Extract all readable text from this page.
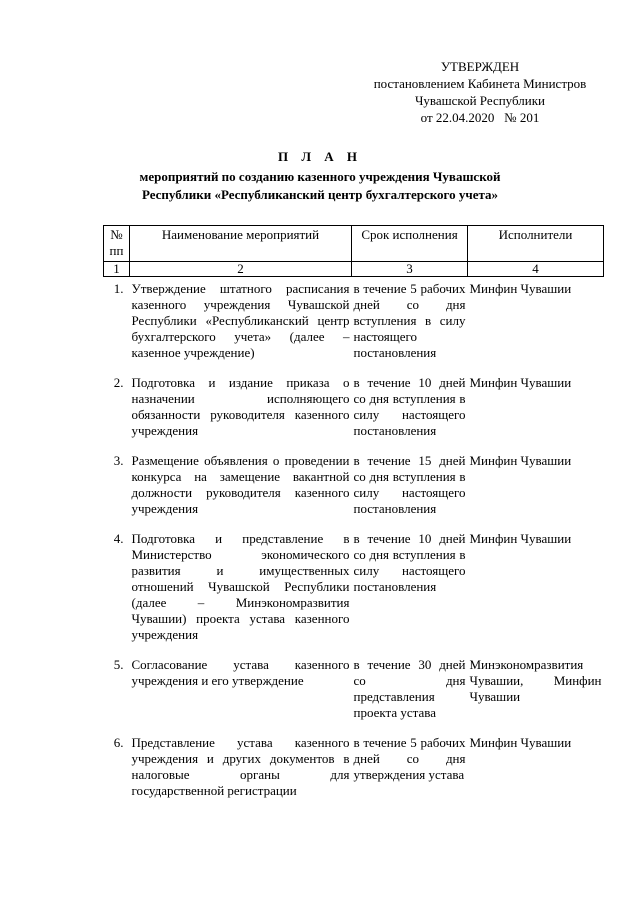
УТВЕРЖДЕН
постановлением Кабинета Министров
Чувашской Республики
от 22.04.2020   № 201
П Л А Н
мероприятий по созданию казенного учреждения Чувашской
Республики «Республиканский центр бухгалтерского учета»
№ пп	Наименование мероприятий	Срок исполнения	Исполнители
1	2	3	4
1.	Утверждение штатного расписания казенного учреждения Чувашской Республики «Республиканский центр бухгалтерского учета» (далее – казенное учреждение)	в течение 5 рабочих дней со дня вступления в силу настоящего постановления	Минфин Чувашии
2.	Подготовка и издание приказа о назначении исполняющего обязанности руководителя казенного учреждения	в течение 10 дней со дня вступления в силу настоящего постановления	Минфин Чувашии
3.	Размещение объявления о проведении конкурса на замещение вакантной должности руководителя казенного учреждения	в течение 15 дней со дня вступления в силу настоящего постановления	Минфин Чувашии
4.	Подготовка и представление в Министерство экономического развития и имущественных отношений Чувашской Республики (далее – Минэкономразвития Чувашии) проекта устава казенного учреждения	в течение 10 дней со дня вступления в силу настоящего постановления	Минфин Чувашии
5.	Согласование устава казенного учреждения и его утверждение	в течение 30 дней со дня представления проекта устава	Минэкономразвития Чувашии, Минфин Чувашии
6.	Представление устава казенного учреждения и других документов в налоговые органы для государственной регистрации	в течение 5 рабочих дней со дня утверждения устава	Минфин Чувашии
